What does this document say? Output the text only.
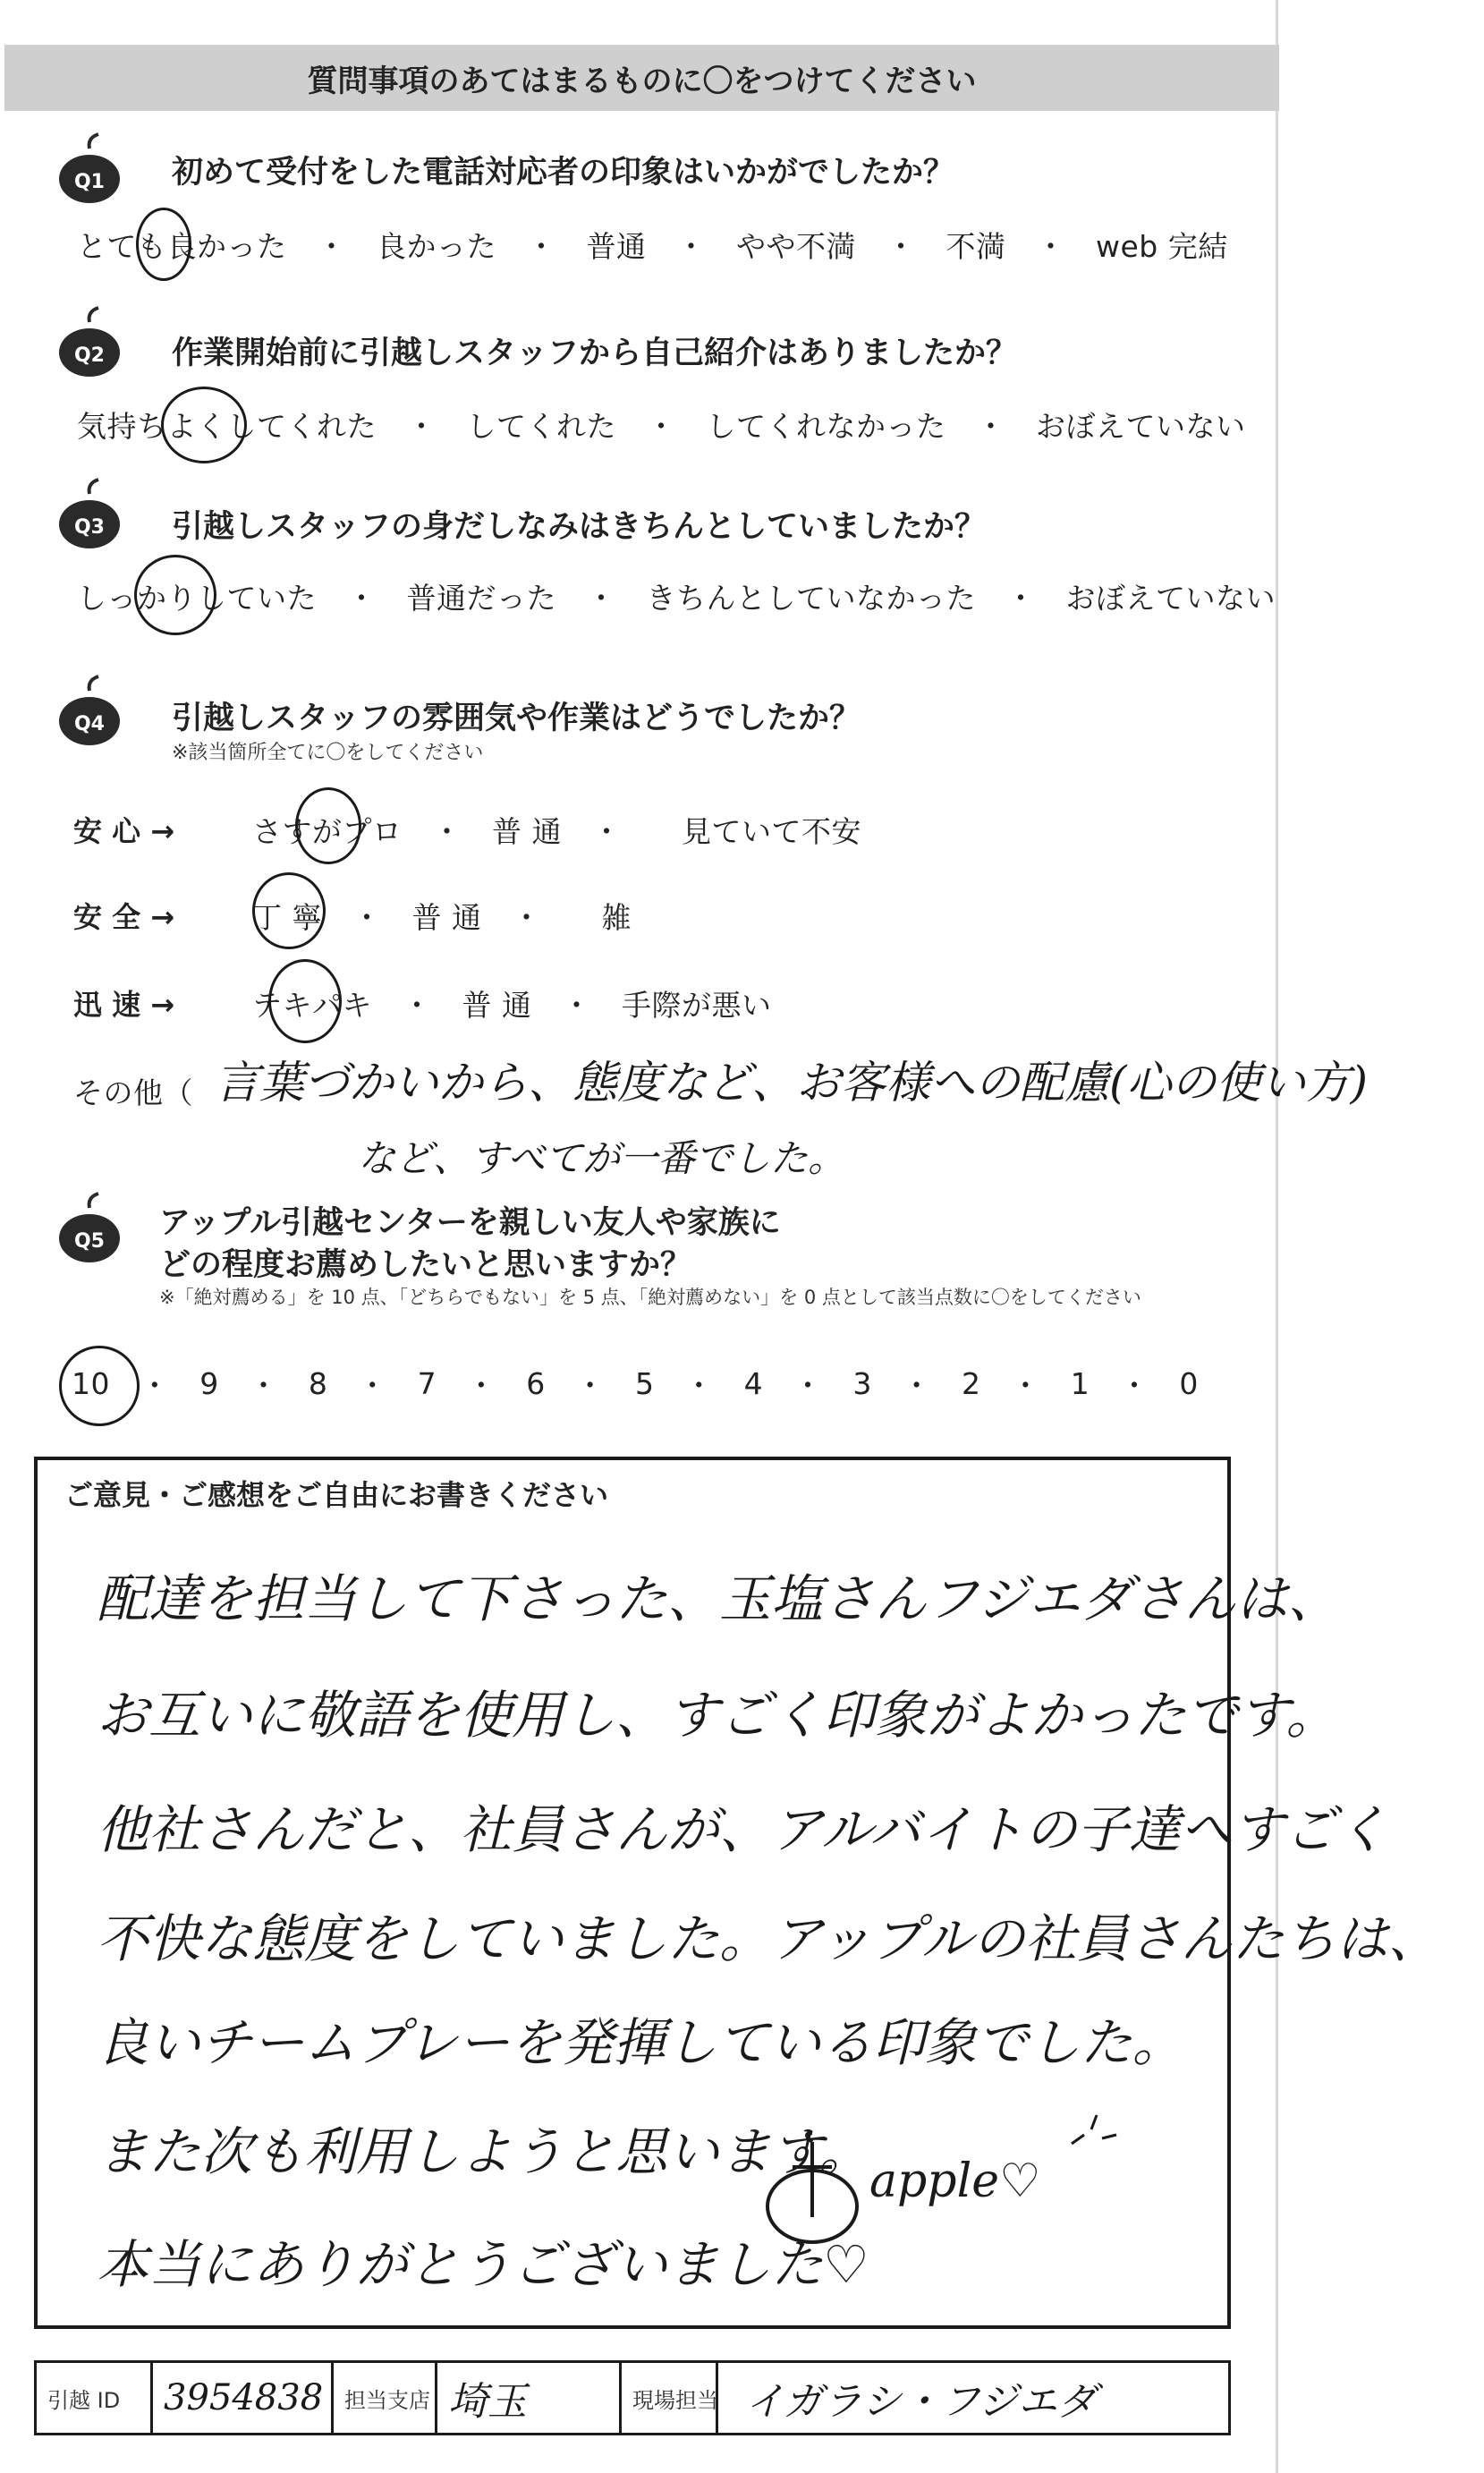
質問事項のあてはまるものに〇をつけてください
Q1 初めて受付をした電話対応者の印象はいかがでしたか？
とても良かった　・　良かった　・　普通　・　やや不満　・　不満　・　web 完結
Q2 作業開始前に引越しスタッフから自己紹介はありましたか？
気持ちよくしてくれた　・　してくれた　・　してくれなかった　・　おぼえていない
Q3 引越しスタッフの身だしなみはきちんとしていましたか？
しっかりしていた　・　普通だった　・　きちんとしていなかった　・　おぼえていない
Q4 引越しスタッフの雰囲気や作業はどうでしたか？
※該当箇所全てに〇をしてください
安 心 →	さすがプロ　・　普 通　・　　見ていて不安
安 全 →	丁 寧　・　普 通　・　　雑
迅 速 →	テキパキ　・　普 通　・　手際が悪い
その他（ 言葉づかいから、態度など、お客様への配慮(心の使い方)
など、すべてが一番でした。
Q5
アップル引越センターを親しい友人や家族に
どの程度お薦めしたいと思いますか？
※「絶対薦める」を 10 点、「どちらでもない」を 5 点、「絶対薦めない」を 0 点として該当点数に〇をしてください
10 ・ 9 ・ 8 ・ 7 ・ 6 ・ 5 ・ 4 ・ 3 ・ 2 ・ 1 ・ 0
ご意見・ご感想をご自由にお書きください
配達を担当して下さった、玉塩さんフジエダさんは、
お互いに敬語を使用し、すごく印象がよかったです。
他社さんだと、社員さんが、アルバイトの子達へすごく
不快な態度をしていました。アップルの社員さんたちは、
良いチームプレーを発揮している印象でした。
また次も利用しようと思います。
本当にありがとうございました♡
apple♡
引越 ID	3954838 担当支店 埼玉	現場担当 イガラシ・フジエダ
